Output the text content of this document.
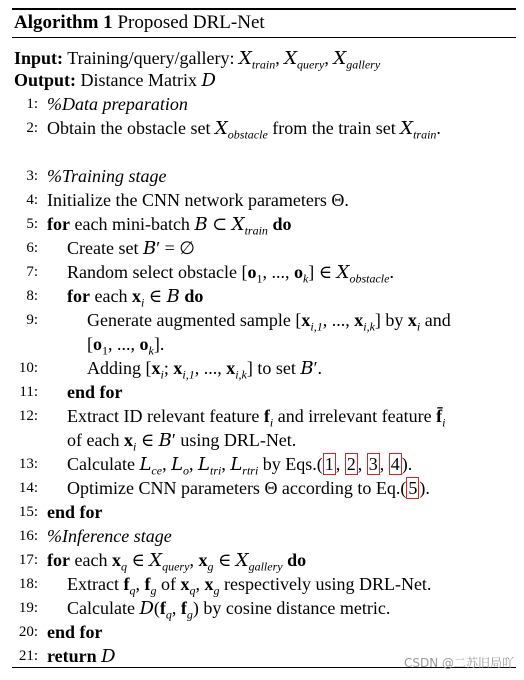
Algorithm 1 Proposed DRL-Net
Input: Training/query/gallery: $X_{train}$, $X_{query}$, $X_{gallery}$
Output: Distance Matrix D
1: %Data preparation
2: Obtain the obstacle set $X_{obstacle}$ from the train set $X_{train}$.
3: %Training stage
4: Initialize the CNN network parameters Θ.
5: for each mini-batch B ⊂ $X_{train}$ do
6: Create set B′ = ∅
7: Random select obstacle [$o_1$, ..., $o_k$] ∈ $X_{obstacle}$.
8: for each $x_i$ ∈ B do
9:	Generate augmented sample [$x_{i,1}$, ..., $x_{i,k}$] by $x_i$ and
[$o_1$, ..., $o_k$].
10:	Adding [$x_i$; $x_{i,1}$, ..., $x_{i,k}$] to set B′.
11: end for
12: Extract ID relevant feature $f_i$ and irrelevant feature $f̄_i$
of each $x_i$ ∈ B′ using DRL-Net.
13: Calculate $L_{ce}$, $L_o$, $L_{tri}$, $L_{rtri}$ by Eqs.( 1 , 2 , 3 , 4 ).
14: Optimize CNN parameters Θ according to Eq.( 5 ).
15: end for
16: %Inference stage
17: for each $x_q$ ∈ $X_{query}$, $x_g$ ∈ $X_{gallery}$ do
18: Extract $f_q$, $f_g$ of $x_q$, $x_g$ respectively using DRL-Net.
19: Calculate $D(f_q$, $f_g$) by cosine distance metric.
20: end for
21: return D	CSDN @二苏旧局吖
